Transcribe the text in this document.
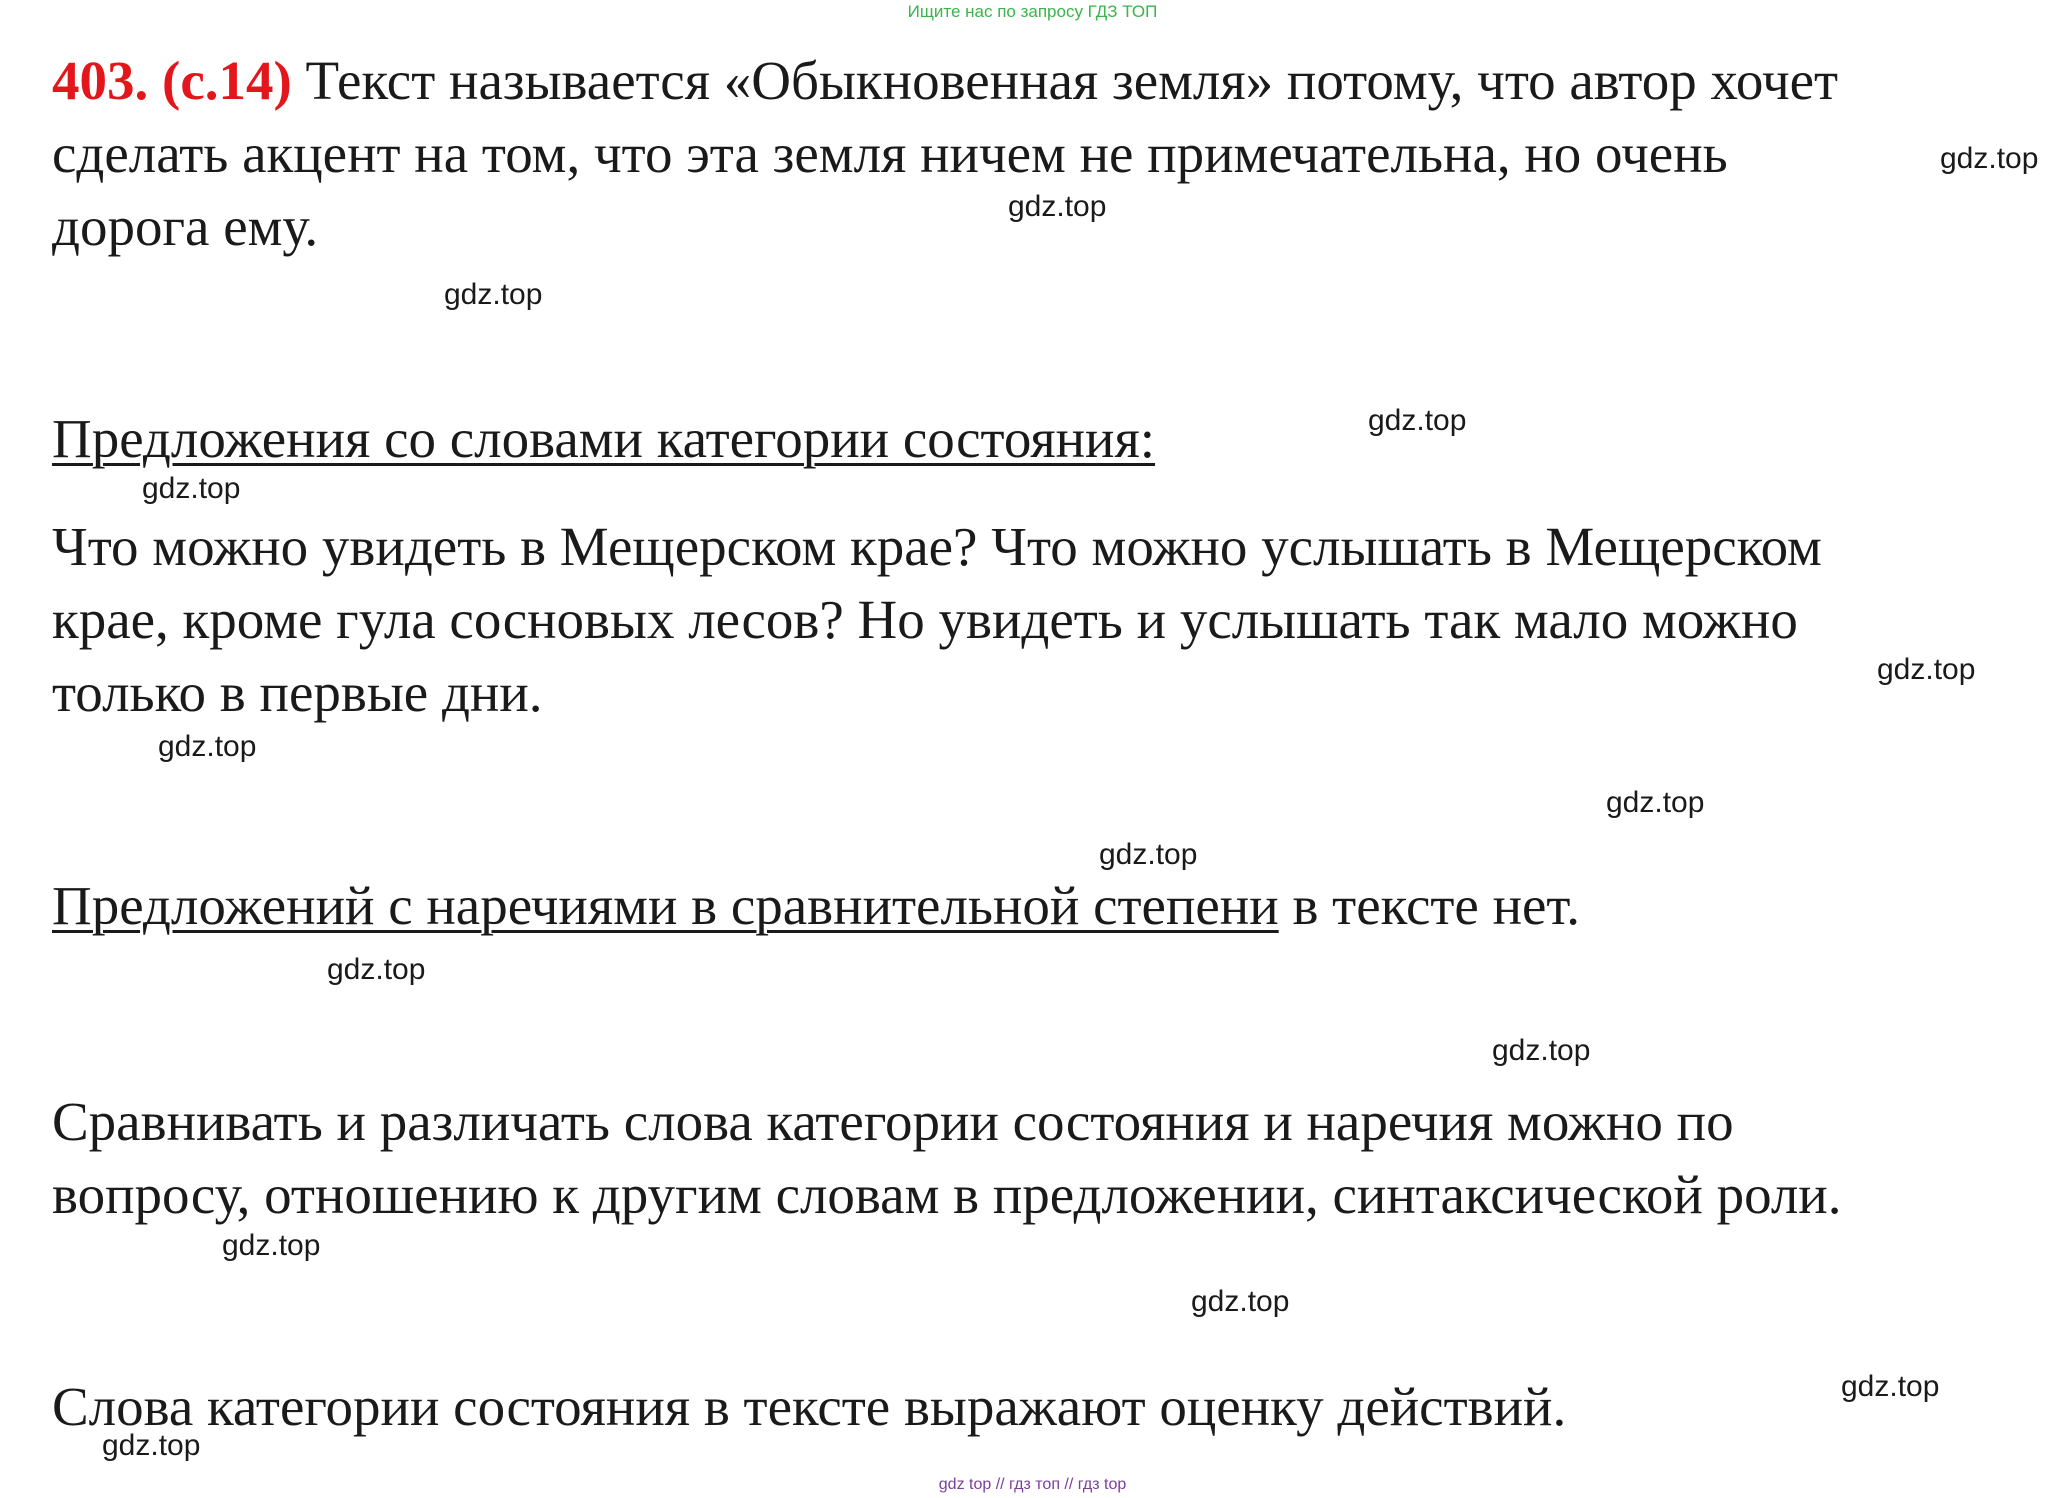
Ищите нас по запросу ГДЗ ТОП
403. (с.14) Текст называется «Обыкновенная земля» потому, что автор хочет
сделать акцент на том, что эта земля ничем не примечательна, но очень
дорога ему.
Предложения со словами категории состояния:
Что можно увидеть в Мещерском крае? Что можно услышать в Мещерском
крае, кроме гула сосновых лесов? Но увидеть и услышать так мало можно
только в первые дни.
Предложений с наречиями в сравнительной степени в тексте нет.
Сравнивать и различать слова категории состояния и наречия можно по
вопросу, отношению к другим словам в предложении, синтаксической роли.
Слова категории состояния в тексте выражают оценку действий.
gdz.top
gdz.top
gdz.top
gdz.top
gdz.top
gdz.top
gdz.top
gdz.top
gdz.top
gdz.top
gdz.top
gdz.top
gdz.top
gdz.top
gdz.top
gdz top // гдз топ // гдз top
